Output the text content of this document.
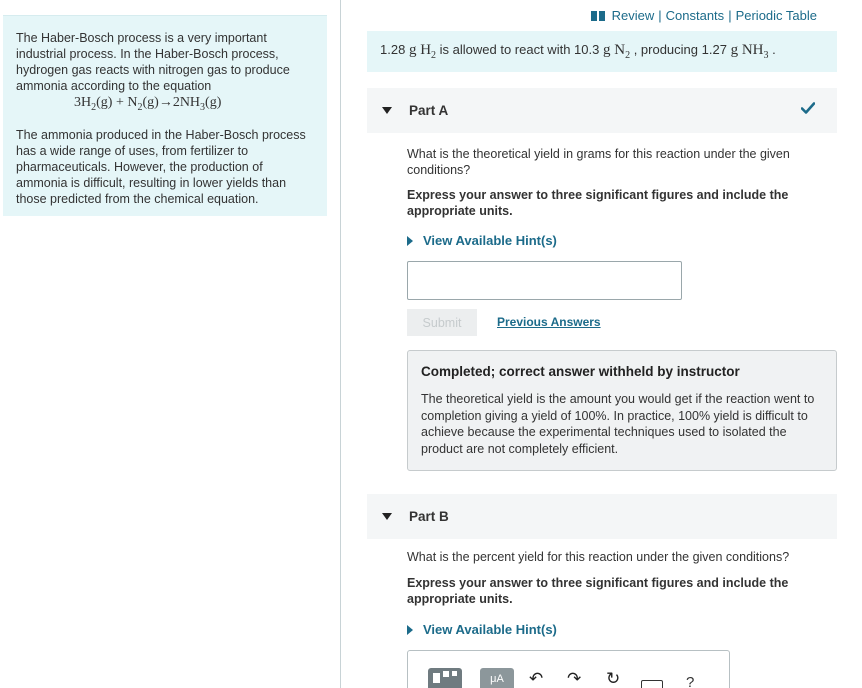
The Haber-Bosch process is a very important industrial process. In the Haber-Bosch process, hydrogen gas reacts with nitrogen gas to produce ammonia according to the equation

$3H_2(g) + N_2(g)\to 2NH_3(g)$

The ammonia produced in the Haber-Bosch process has a wide range of uses, from fertilizer to pharmaceuticals. However, the production of ammonia is difficult, resulting in lower yields than those predicted from the chemical equation.

Review | Constants | Periodic Table
1.28 g $H_2$ is allowed to react with 10.3 g $N_2$ , producing 1.27 g $NH_3$ .
Part A
What is the theoretical yield in grams for this reaction under the given conditions?
Express your answer to three significant figures and include the appropriate units.
View Available Hint(s)
Submit	Previous Answers
Completed; correct answer withheld by instructor
The theoretical yield is the amount you would get if the reaction went to completion giving a yield of 100%. In practice, 100% yield is difficult to achieve because the experimental techniques used to isolated the product are not completely efficient.
Part B
What is the percent yield for this reaction under the given conditions?
Express your answer to three significant figures and include the appropriate units.
View Available Hint(s)
μA	↶ ↷ ↻	?
